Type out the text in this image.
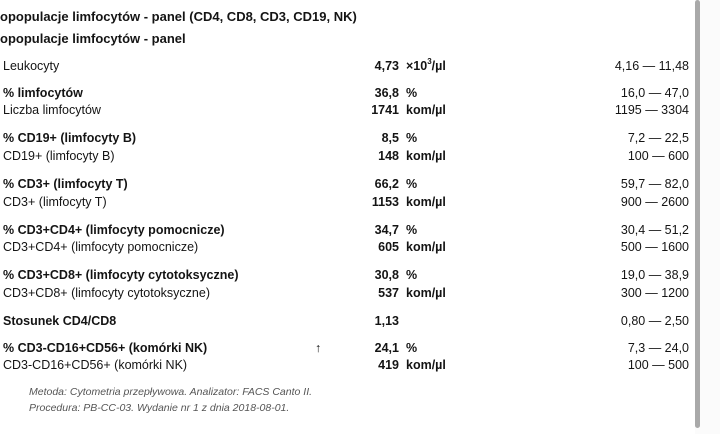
opopulacje limfocytów - panel (CD4, CD8, CD3, CD19, NK)
opopulacje limfocytów - panel
Leukocyty	$4,73 \times 10^3/\mu l$	4,16 — 11,48
% limfocytów	36,8 %	16,0 — 47,0
Liczba limfocytów	1741 kom/µl	1195 — 3304
% CD19+ (limfocyty B)	8,5 %	7,2 — 22,5
CD19+ (limfocyty B)	148 kom/µl	100 — 600
% CD3+ (limfocyty T)	66,2 %	59,7 — 82,0
CD3+ (limfocyty T)	1153 kom/µl	900 — 2600
% CD3+CD4+ (limfocyty pomocnicze)	34,7 %	30,4 — 51,2
CD3+CD4+ (limfocyty pomocnicze)	605 kom/µl	500 — 1600
% CD3+CD8+ (limfocyty cytotoksyczne)	30,8 %	19,0 — 38,9
CD3+CD8+ (limfocyty cytotoksyczne)	537 kom/µl	300 — 1200
Stosunek CD4/CD8	1,13	0,80 — 2,50
% CD3-CD16+CD56+ (komórki NK)	↑	24,1 %	7,3 — 24,0
CD3-CD16+CD56+ (komórki NK)	419 kom/µl	100 — 500
Metoda: Cytometria przepływowa. Analizator: FACS Canto II.
Procedura: PB-CC-03. Wydanie nr 1 z dnia 2018-08-01.
